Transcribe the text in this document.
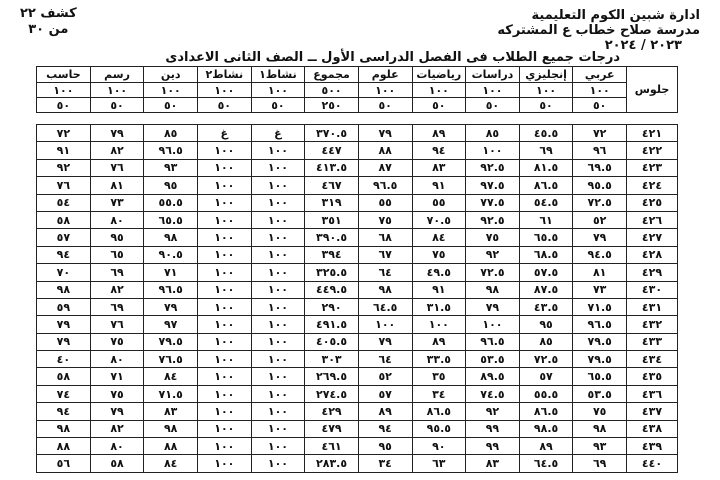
ادارة شبين الكوم التعليمية
مدرسة صلاح خطاب ع المشتركه
٢٠٢٣ / ٢٠٢٤
درجات جميع الطلاب فى الفصل الدراسى الأول ــ الصف الثانى الاعدادى
كشف ٢٢
من ٣٠
جلوس	عربي	إنجليزي	دراسات	رياضيات	علوم	مجموع	نشاط١	نشاط٢	دين	رسم	حاسب
	١٠٠	١٠٠	١٠٠	١٠٠	١٠٠	٥٠٠	١٠٠	١٠٠	١٠٠	١٠٠	١٠٠
	٥٠	٥٠	٥٠	٥٠	٥٠	٢٥٠	٥٠	٥٠	٥٠	٥٠	٥٠
٤٢١	٧٢	٤٥.٥	٨٥	٨٩	٧٩	٣٧٠.٥	غ	غ	٨٥	٧٩	٧٢
٤٢٢	٩٦	٦٩	١٠٠	٩٤	٨٨	٤٤٧	١٠٠	١٠٠	٩٦.٥	٨٢	٩١
٤٢٣	٦٩.٥	٨١.٥	٩٢.٥	٨٣	٨٧	٤١٣.٥	١٠٠	١٠٠	٩٣	٧٦	٩٢
٤٢٤	٩٥.٥	٨٦.٥	٩٧.٥	٩١	٩٦.٥	٤٦٧	١٠٠	١٠٠	٩٥	٨١	٧٦
٤٢٥	٧٢.٥	٥٤.٥	٧٧.٥	٥٥	٥٥	٣١٩	١٠٠	١٠٠	٥٥.٥	٧٣	٥٤
٤٢٦	٥٢	٦١	٩٢.٥	٧٠.٥	٧٥	٣٥١	١٠٠	١٠٠	٦٥.٥	٨٠	٥٨
٤٢٧	٧٩	٦٥.٥	٧٥	٨٤	٦٨	٣٩٠.٥	١٠٠	١٠٠	٩٨	٩٥	٥٧
٤٢٨	٩٤.٥	٦٨.٥	٩٢	٧٥	٦٧	٣٩٤	١٠٠	١٠٠	٩٠.٥	٦٥	٩٤
٤٢٩	٨١	٥٧.٥	٧٢.٥	٤٩.٥	٦٤	٣٢٥.٥	١٠٠	١٠٠	٧١	٦٩	٧٠
٤٣٠	٧٣	٨٧.٥	٩٨	٩١	٩٨	٤٤٩.٥	١٠٠	١٠٠	٩٦.٥	٨٢	٩٨
٤٣١	٧١.٥	٤٣.٥	٧٩	٣١.٥	٦٤.٥	٢٩٠	١٠٠	١٠٠	٧٩	٦٩	٥٩
٤٣٢	٩٦.٥	٩٥	١٠٠	١٠٠	١٠٠	٤٩١.٥	١٠٠	١٠٠	٩٧	٧٦	٧٩
٤٣٣	٧٩.٥	٨٥	٩٦.٥	٨٩	٧٩	٤٠٥.٥	١٠٠	١٠٠	٧٩.٥	٧٥	٧٩
٤٣٤	٧٩.٥	٧٢.٥	٥٣.٥	٣٣.٥	٦٤	٣٠٣	١٠٠	١٠٠	٧٦.٥	٨٠	٤٠
٤٣٥	٦٥.٥	٥٧	٨٩.٥	٣٥	٥٢	٢٦٩.٥	١٠٠	١٠٠	٨٤	٧١	٥٨
٤٣٦	٥٣.٥	٥٥.٥	٧٤.٥	٣٤	٥٧	٢٧٤.٥	١٠٠	١٠٠	٧١.٥	٧٥	٧٤
٤٣٧	٧٥	٨٦.٥	٩٢	٨٦.٥	٨٩	٤٢٩	١٠٠	١٠٠	٨٣	٧٩	٩٤
٤٣٨	٩٨	٩٨.٥	٩٩	٩٥.٥	٩٤	٤٧٩	١٠٠	١٠٠	٩٨	٨٢	٩٨
٤٣٩	٩٣	٨٩	٩٩	٩٠	٩٥	٤٦١	١٠٠	١٠٠	٨٨	٨٠	٨٨
٤٤٠	٦٩	٦٤.٥	٨٣	٦٣	٣٤	٢٨٣.٥	١٠٠	١٠٠	٨٤	٥٨	٥٦
